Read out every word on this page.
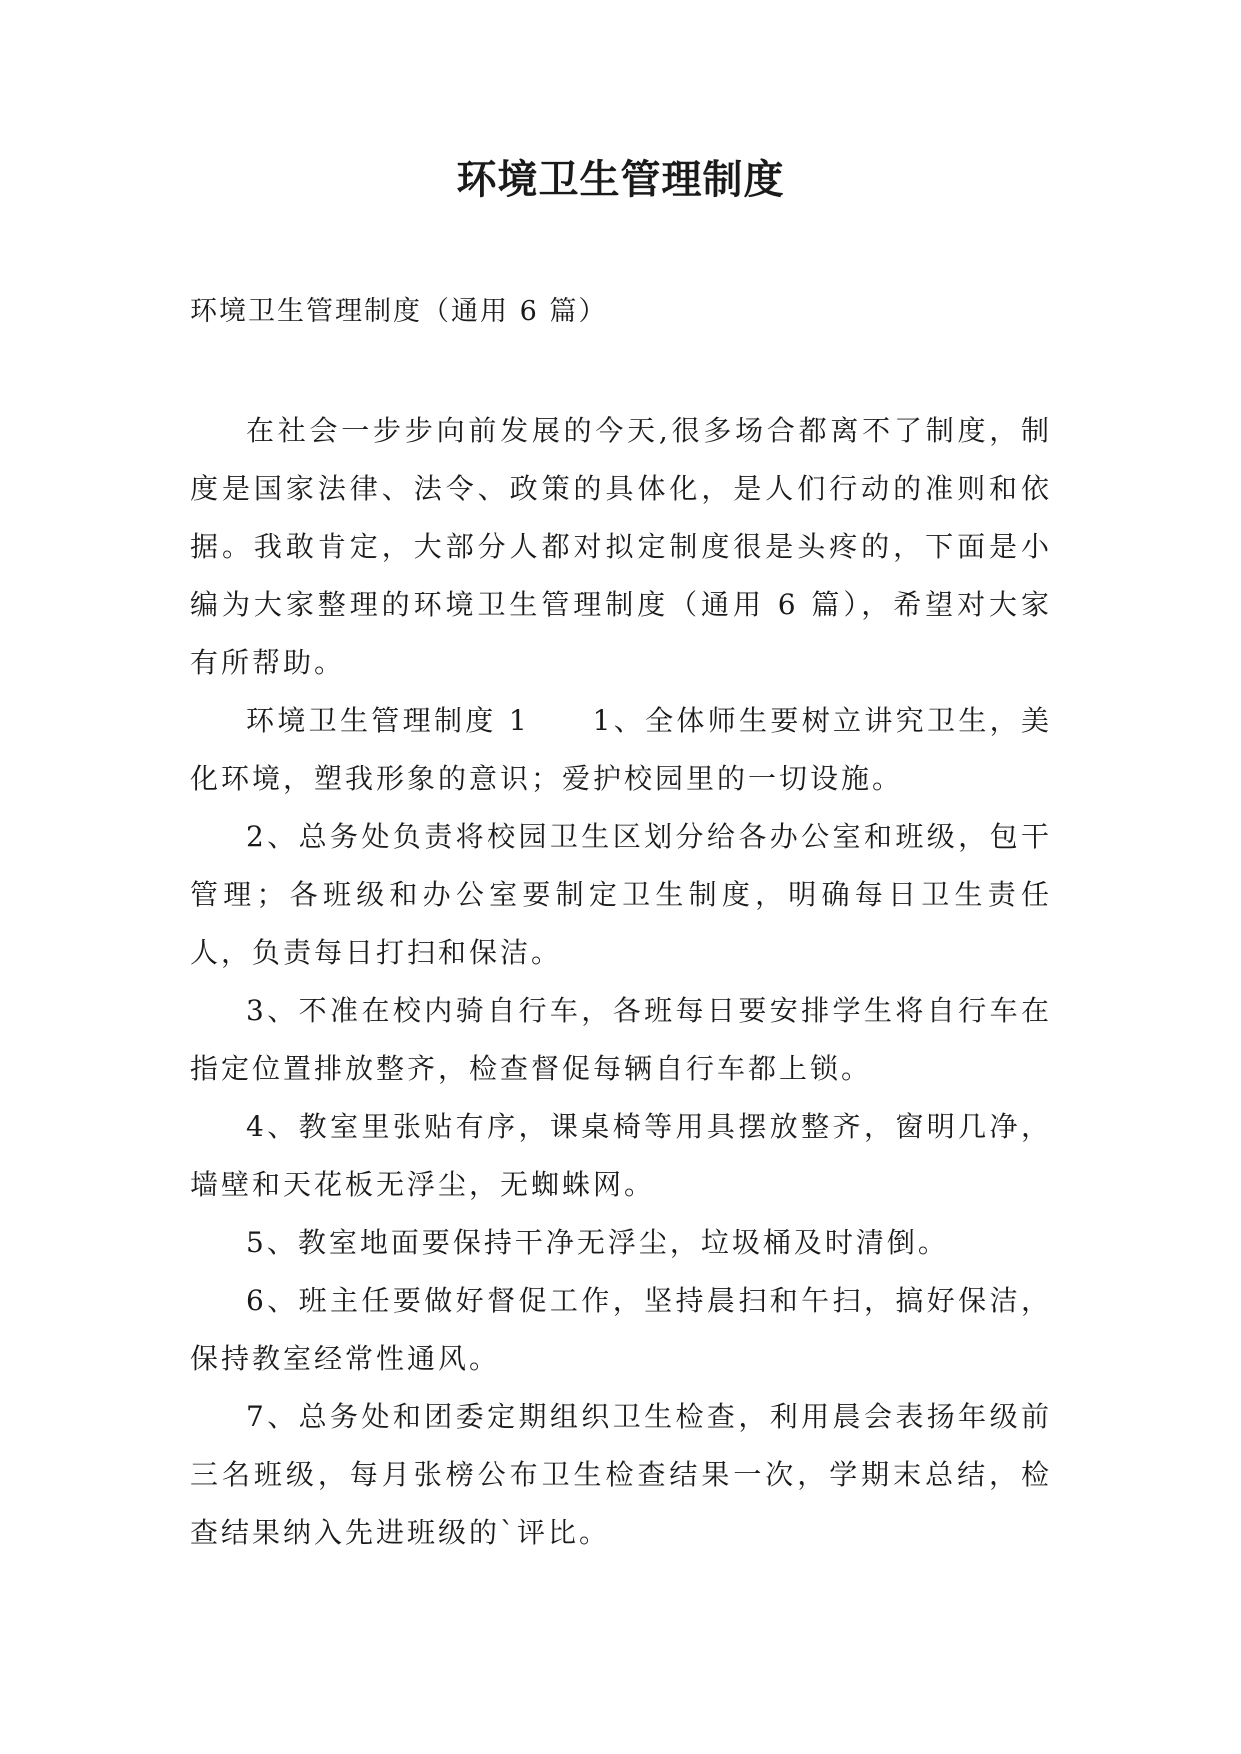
环境卫生管理制度
环境卫生管理制度（通用 6 篇）

在社会一步步向前发展的今天,很多场合都离不了制度，制度是国家法律、法令、政策的具体化，是人们行动的准则和依据。我敢肯定，大部分人都对拟定制度很是头疼的，下面是小编为大家整理的环境卫生管理制度（通用 6 篇），希望对大家有所帮助。

环境卫生管理制度 1　　1、全体师生要树立讲究卫生，美化环境，塑我形象的意识；爱护校园里的一切设施。

2、总务处负责将校园卫生区划分给各办公室和班级，包干管理；各班级和办公室要制定卫生制度，明确每日卫生责任人，负责每日打扫和保洁。

3、不准在校内骑自行车，各班每日要安排学生将自行车在指定位置排放整齐，检查督促每辆自行车都上锁。

4、教室里张贴有序，课桌椅等用具摆放整齐，窗明几净，墙壁和天花板无浮尘，无蜘蛛网。

5、教室地面要保持干净无浮尘，垃圾桶及时清倒。

6、班主任要做好督促工作，坚持晨扫和午扫，搞好保洁，保持教室经常性通风。

7、总务处和团委定期组织卫生检查，利用晨会表扬年级前三名班级，每月张榜公布卫生检查结果一次，学期末总结，检查结果纳入先进班级的`评比。
